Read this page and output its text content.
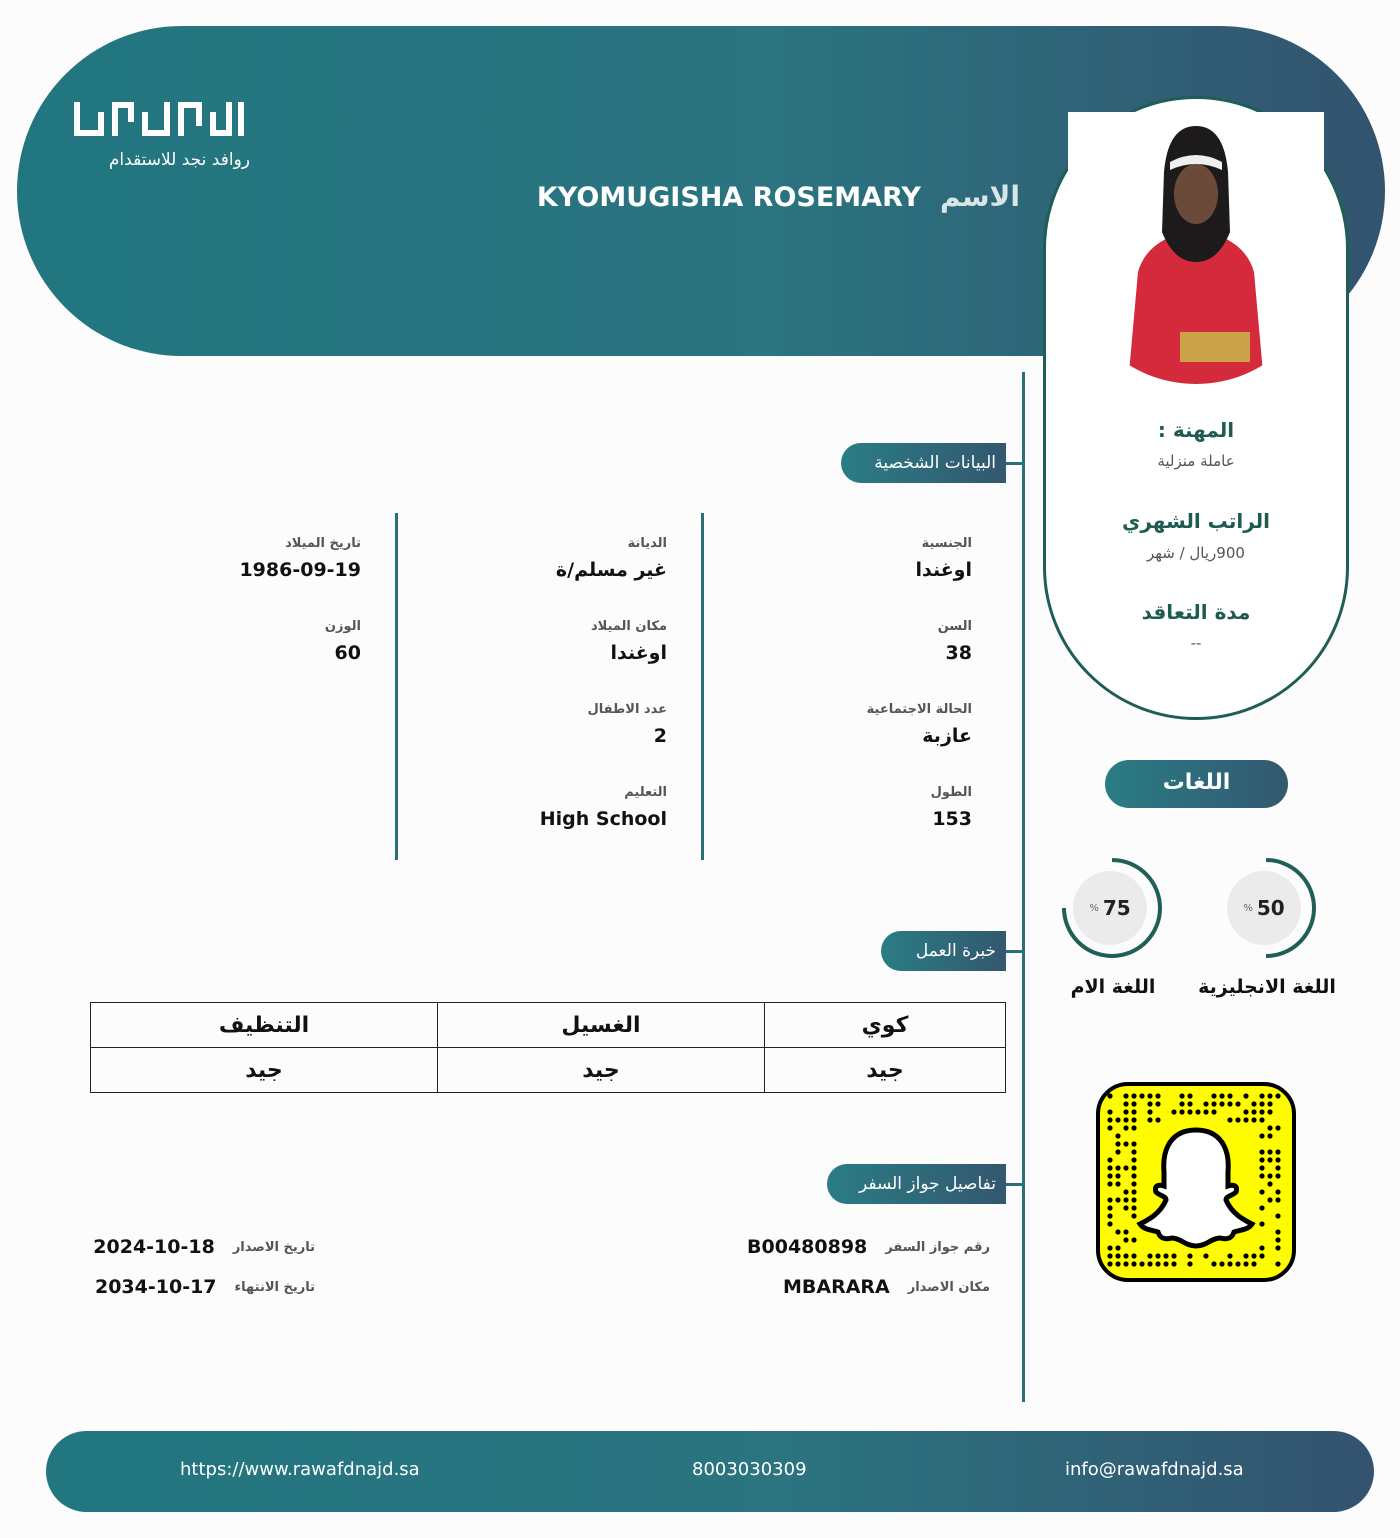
روافد نجد للاستقدام
الاسم KYOMUGISHA ROSEMARY
المهنة :
عاملة منزلية
الراتب الشهري
900ريال / شهر
مدة التعاقد
--
البيانات الشخصية
الجنسية
اوغندا
السن
38
الحالة الاجتماعية
عازبة
الطول
153
الديانة
غير مسلم/ة
مكان الميلاد
اوغندا
عدد الاطفال
2
التعليم
High School
تاريخ الميلاد
1986-09-19
الوزن
60
خبرة العمل
كوي	الغسيل	التنظيف
جيد	جيد	جيد
تفاصيل جواز السفر
رقم جواز السفر
B00480898
مكان الاصدار
MBARARA
تاريخ الاصدار
2024-10-18
تاريخ الانتهاء
2034-10-17
اللغات
% 50
اللغة الانجليزية
% 75
اللغة الام
https://www.rawafdnajd.sa	8003030309	info@rawafdnajd.sa
